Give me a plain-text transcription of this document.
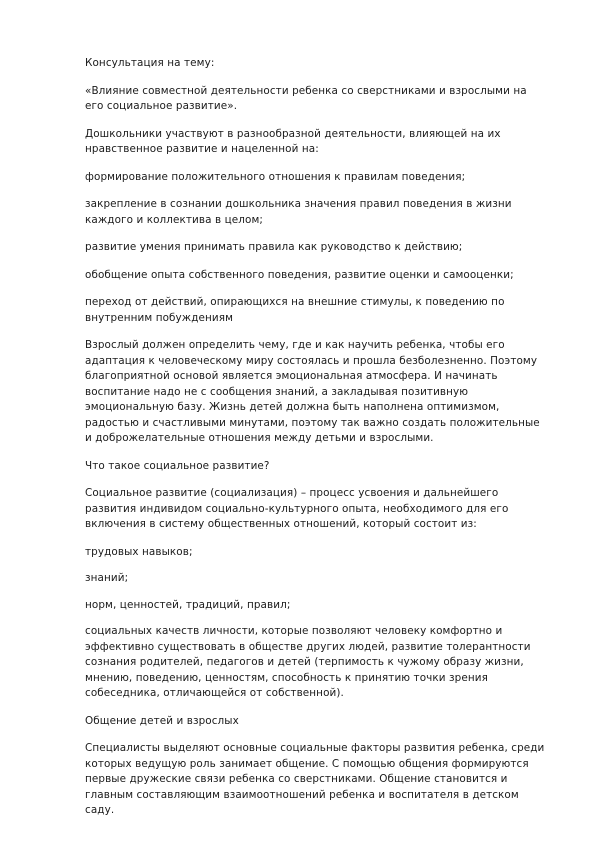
Консультация на тему:

«Влияние совместной деятельности ребенка со сверстниками и взрослыми на его социальное развитие».

Дошкольники участвуют в разнообразной деятельности, влияющей на их нравственное развитие и нацеленной на:

формирование положительного отношения к правилам поведения;

закрепление в сознании дошкольника значения правил поведения в жизни каждого и коллектива в целом;

развитие умения принимать правила как руководство к действию;

обобщение опыта собственного поведения, развитие оценки и самооценки;

переход от действий, опирающихся на внешние стимулы, к поведению по внутренним побуждениям

Взрослый должен определить чему, где и как научить ребенка, чтобы его адаптация к человеческому миру состоялась и прошла безболезненно. Поэтому благоприятной основой является эмоциональная атмосфера. И начинать воспитание надо не с сообщения знаний, а закладывая позитивную эмоциональную базу. Жизнь детей должна быть наполнена оптимизмом, радостью и счастливыми минутами, поэтому так важно создать положительные и доброжелательные отношения между детьми и взрослыми.

Что такое социальное развитие?

Социальное развитие (социализация) – процесс усвоения и дальнейшего развития индивидом социально-культурного опыта, необходимого для его включения в систему общественных отношений, который состоит из:

трудовых навыков;

знаний;

норм, ценностей, традиций, правил;

социальных качеств личности, которые позволяют человеку комфортно и эффективно существовать в обществе других людей, развитие толерантности сознания родителей, педагогов и детей (терпимость к чужому образу жизни, мнению, поведению, ценностям, способность к принятию точки зрения собеседника, отличающейся от собственной).

Общение детей и взрослых

Специалисты выделяют основные социальные факторы развития ребенка, среди которых ведущую роль занимает общение. С помощью общения формируются первые дружеские связи ребенка со сверстниками. Общение становится и главным составляющим взаимоотношений ребенка и воспитателя в детском саду.
